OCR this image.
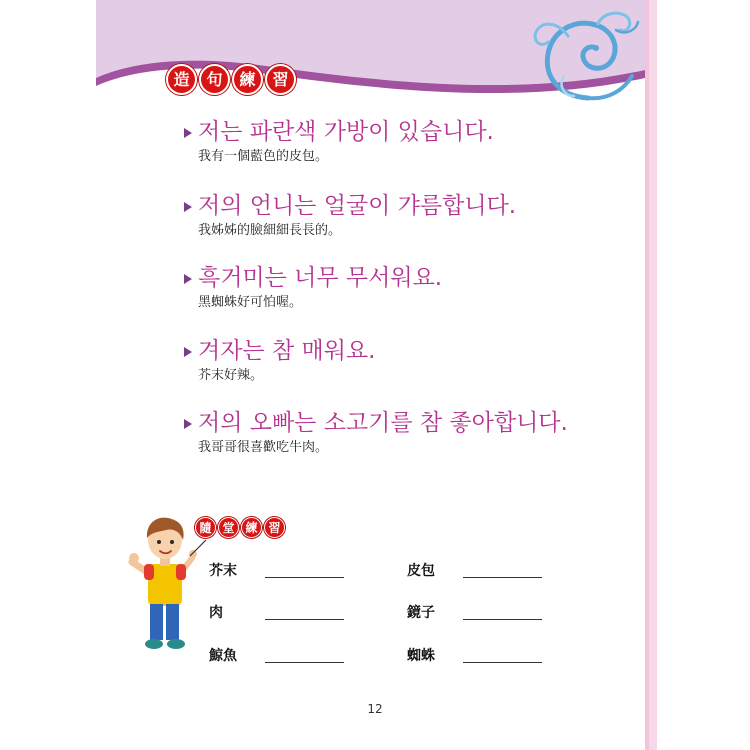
造	句	練	習
저는 파란색 가방이 있습니다.
我有一個藍色的皮包。
저의 언니는 얼굴이 갸름합니다.
我姊姊的臉細細長長的。
흑거미는 너무 무서워요.
黑蜘蛛好可怕喔。
겨자는 참 매워요.
芥末好辣。
저의 오빠는 소고기를 참 좋아합니다.
我哥哥很喜歡吃牛肉。
隨 堂 練 習
芥末	皮包
肉	鏡子
鯨魚	蜘蛛
12
